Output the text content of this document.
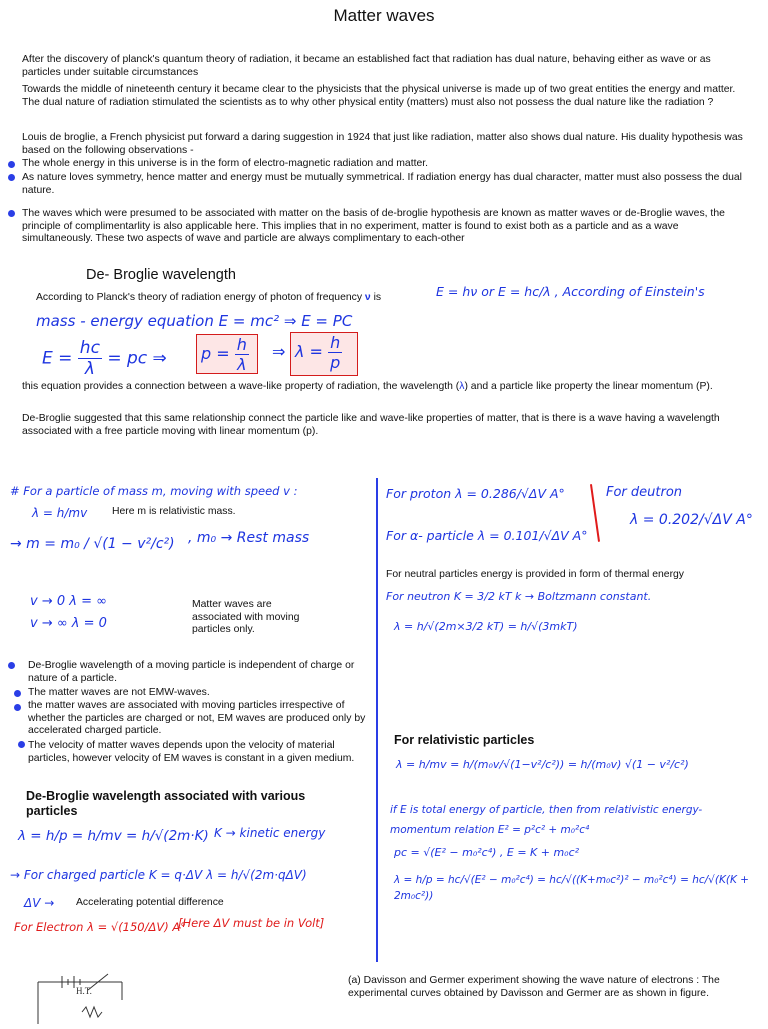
Matter waves
After the discovery of planck's quantum theory of radiation, it became an established fact that radiation has dual nature, behaving either as wave or as particles under suitable circumstances
Towards the middle of nineteenth century it became clear to the physicists that the physical universe is made up of two great entities the energy and matter. The dual nature of radiation stimulated the scientists as to why other physical entity (matters) must also not possess the dual nature like the radiation ?
Louis de broglie, a French physicist put forward a daring suggestion in 1924 that just like radiation, matter also shows dual nature. His duality hypothesis was based on the following observations -
The whole energy in this universe is in the form of electro-magnetic radiation and matter.
As nature loves symmetry, hence matter and energy must be mutually symmetrical. If radiation energy has dual character, matter must also possess the dual nature.
The waves which were presumed to be associated with matter on the basis of de-broglie hypothesis are known as matter waves or de-Broglie waves, the principle of complimentarlity is also applicable here. This implies that in no experiment, matter is found to exist both as a particle and as a wave simultaneously. These two aspects of wave and particle are always complimentary to each-other
De- Broglie wavelength
According to Planck's theory of radiation energy of photon of frequency ν is	E = hν or E = hc/λ , According of Einstein's
mass - energy equation E = mc² ⇒ E = PC
$E = \frac{hc}{\lambda}$ = pc ⇒	$p = \frac{h}{\lambda}$ ⇒ $\lambda = \frac{h}{p}$
this equation provides a connection between a wave-like property of radiation, the wavelength (λ) and a particle like property the linear momentum (P).
De-Broglie suggested that this same relationship connect the particle like and wave-like properties of matter, that is there is a wave having a wavelength associated with a free particle moving with linear momentum (p).
# For a particle of mass m, moving with speed v :
λ = h/mv Here m is relativistic mass.
→ m = m₀ / √(1 − v²/c²) , m₀ → Rest mass
v → 0 λ = ∞
v → ∞ λ = 0
Matter waves are associated with moving particles only.
De-Broglie wavelength of a moving particle is independent of charge or nature of a particle.
The matter waves are not EMW-waves.
the matter waves are associated with moving particles irrespective of whether the particles are charged or not, EM waves are produced only by accelerated charged particle.
The velocity of matter waves depends upon the velocity of material particles, however velocity of EM waves is constant in a given medium.
De-Broglie wavelength associated with various particles
λ = h/p = h/mv = h/√(2m·K) K → kinetic energy
→ For charged particle K = q·ΔV λ = h/√(2m·qΔV)
ΔV → Accelerating potential difference
For Electron λ = √(150/ΔV) A°
[Here ΔV must be in Volt]
For proton λ = 0.286/√ΔV A°	For deutron
λ = 0.202/√ΔV A°
For α- particle λ = 0.101/√ΔV A°
For neutral particles energy is provided in form of thermal energy
For neutron K = 3/2 kT k → Boltzmann constant.
λ = h/√(2m×3/2 kT) = h/√(3mkT)
For relativistic particles
λ = h/mv = h/(m₀v/√(1−v²/c²)) = h/(m₀v) √(1 − v²/c²)
if E is total energy of particle, then from relativistic energy-momentum relation E² = p²c² + m₀²c⁴
pc = √(E² − m₀²c⁴) , E = K + m₀c²
λ = h/p = hc/√(E² − m₀²c⁴) = hc/√((K+m₀c²)² − m₀²c⁴) = hc/√(K(K + 2m₀c²))
H.T.
(a) Davisson and Germer experiment showing the wave nature of electrons : The experimental curves obtained by Davisson and Germer are as shown in figure.
